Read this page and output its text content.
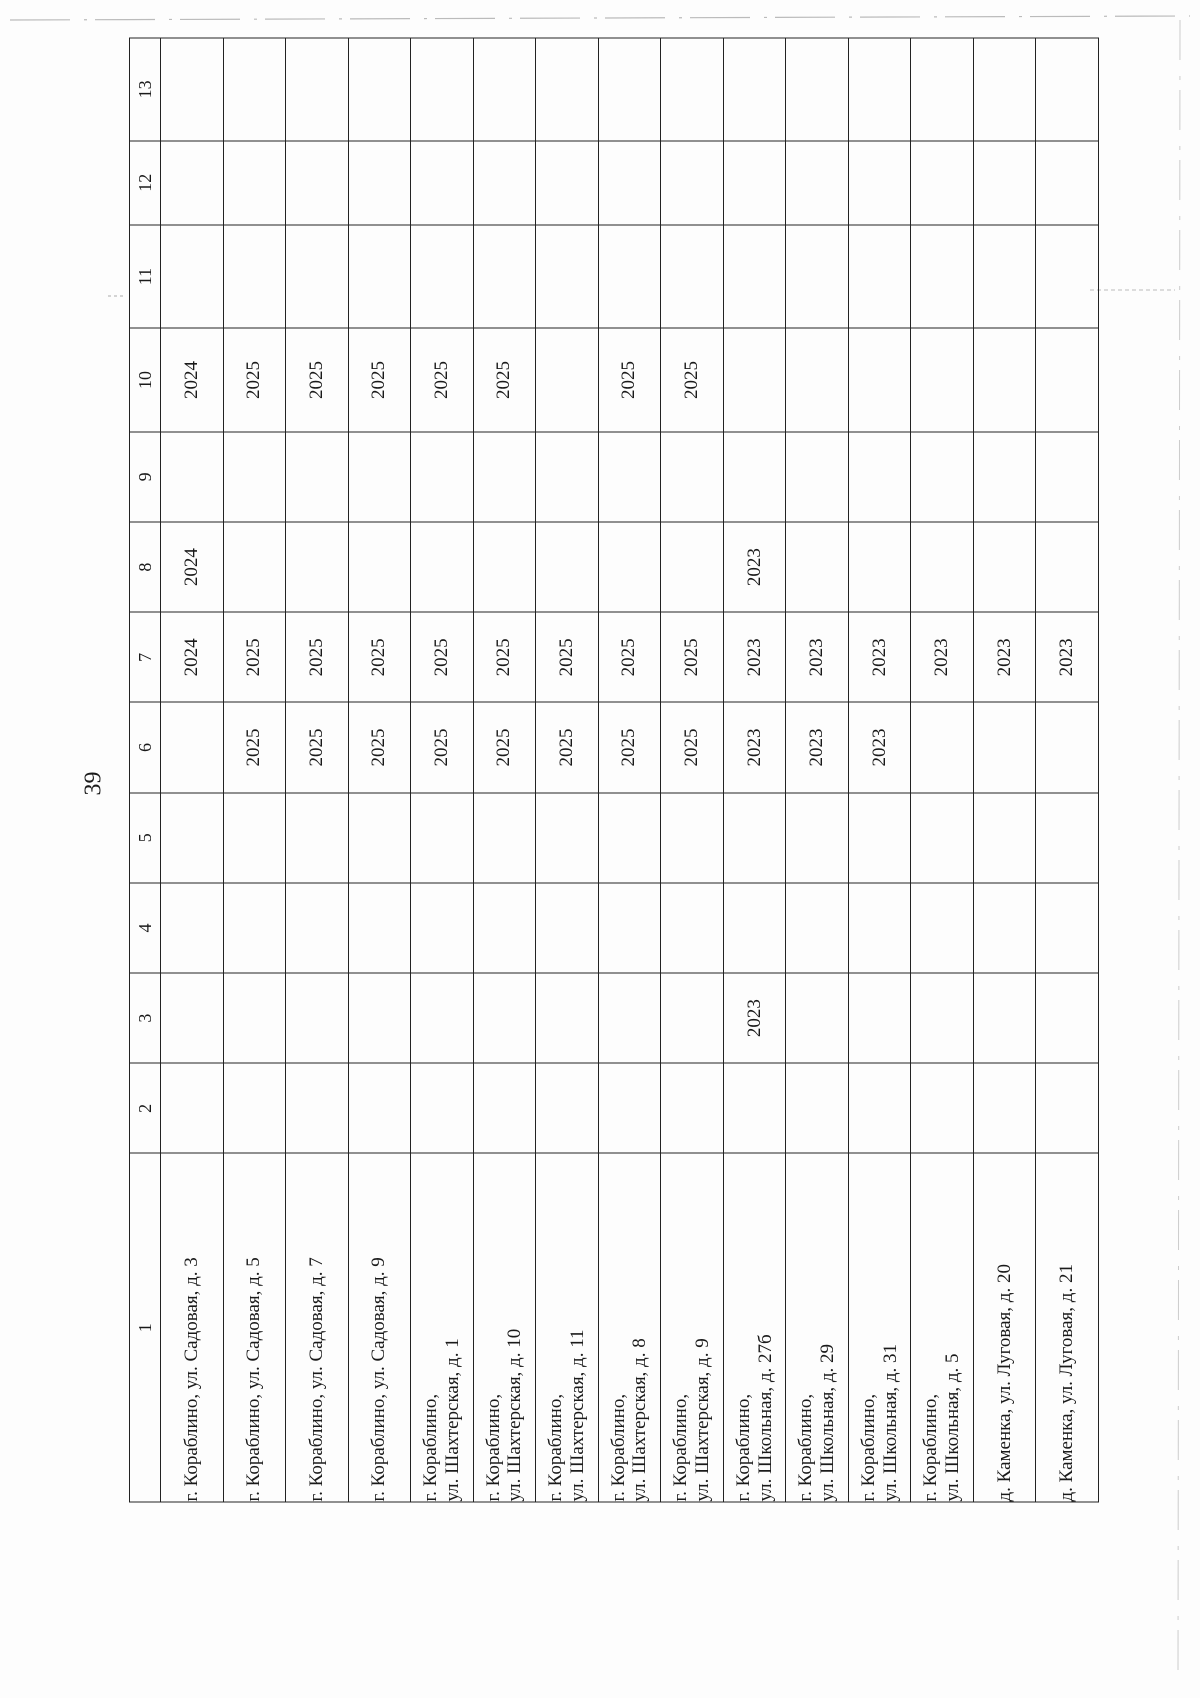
39
1	2	3	4	5	6	7	8	9	10	11	12	13

г. Кораблино, ул. Садовая, д. 3						2024	2024		2024			

г. Кораблино, ул. Садовая, д. 5					2025	2025			2025			

г. Кораблино, ул. Садовая, д. 7					2025	2025			2025			

г. Кораблино, ул. Садовая, д. 9					2025	2025			2025			

г. Кораблино, ул. Шахтерская, д. 1					2025	2025			2025			

г. Кораблино, ул. Шахтерская, д. 10					2025	2025			2025			

г. Кораблино, ул. Шахтерская, д. 11					2025	2025						

г. Кораблино, ул. Шахтерская, д. 8					2025	2025			2025			

г. Кораблино, ул. Шахтерская, д. 9					2025	2025			2025			

г. Кораблино, ул. Школьная, д. 27б		2023			2023	2023	2023					

г. Кораблино, ул. Школьная, д. 29					2023	2023						

г. Кораблино, ул. Школьная, д. 31					2023	2023						

г. Кораблино, ул. Школьная, д. 5						2023						

д. Каменка, ул. Луговая, д. 20						2023						

д. Каменка, ул. Луговая, д. 21						2023						
